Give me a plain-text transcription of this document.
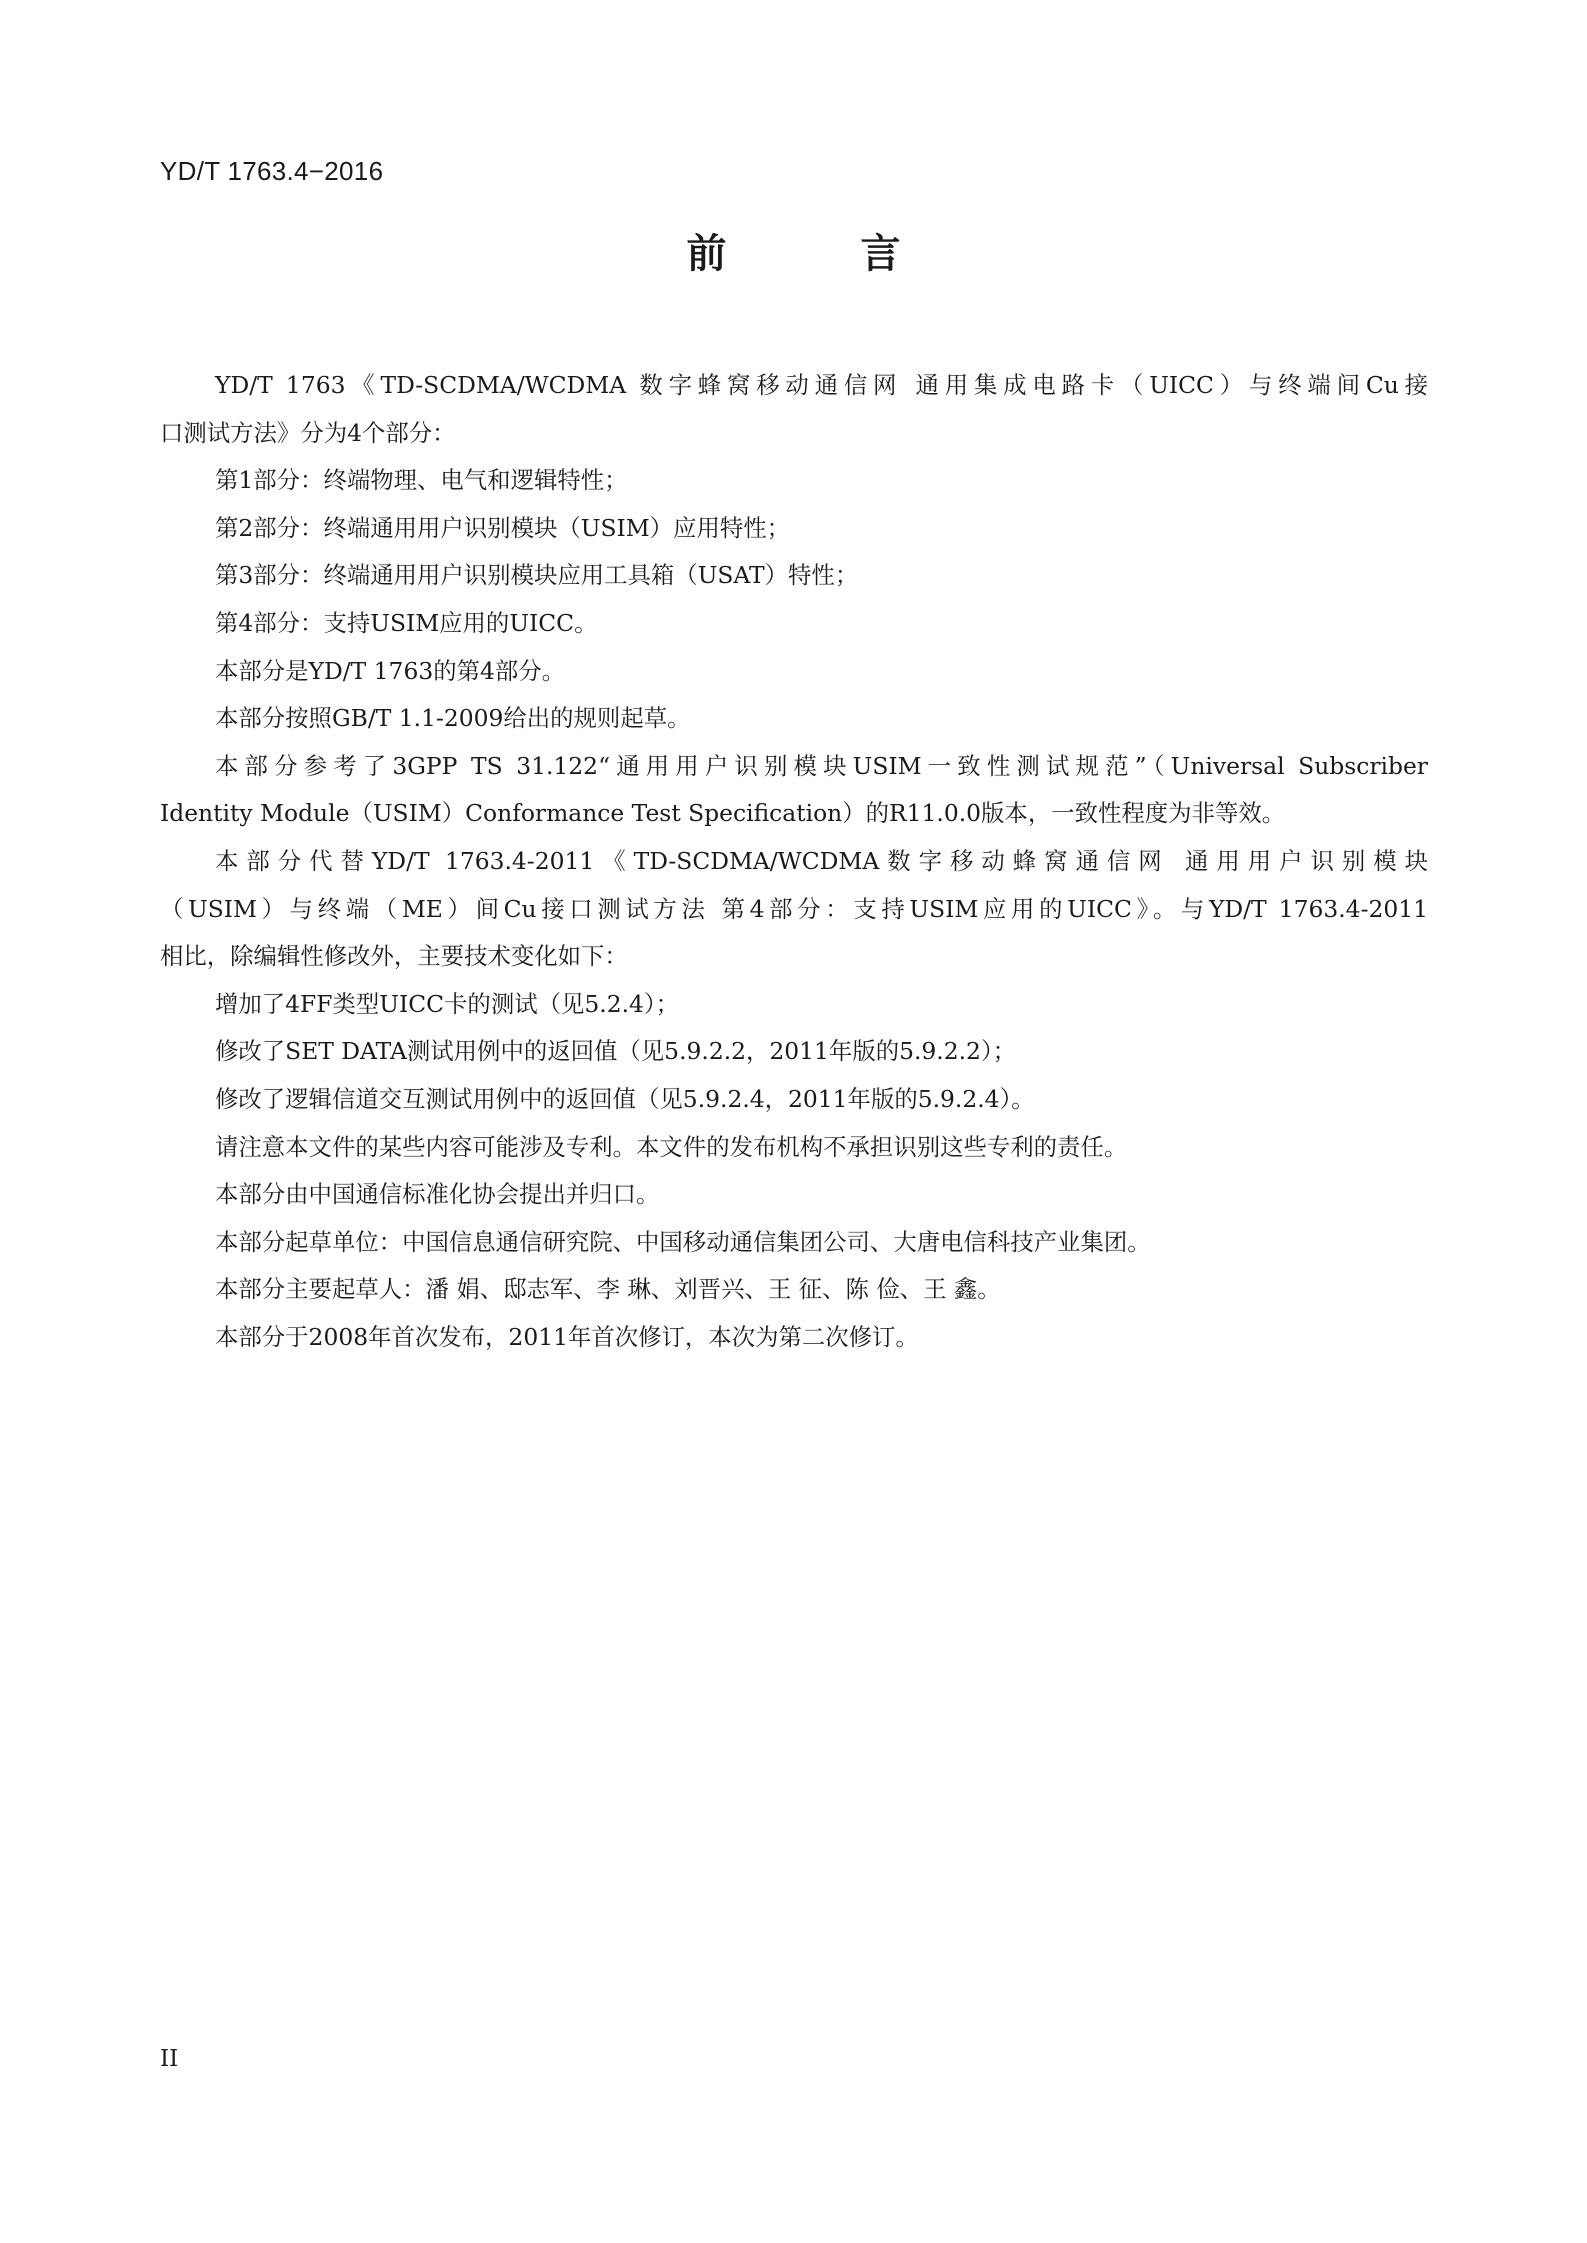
YD/T 1763.4−2016
前 言

YD/T 1763《TD-SCDMA/WCDMA 数字蜂窝移动通信网 通用集成电路卡（UICC）与终端间Cu接
口测试方法》分为4个部分：

第1部分：终端物理、电气和逻辑特性；

第2部分：终端通用用户识别模块（USIM）应用特性；

第3部分：终端通用用户识别模块应用工具箱（USAT）特性；

第4部分：支持USIM应用的UICC。

本部分是YD/T 1763的第4部分。

本部分按照GB/T 1.1-2009给出的规则起草。

本部分参考了3GPP TS 31.122“通用用户识别模块USIM一致性测试规范”（Universal Subscriber
Identity Module（USIM）Conformance Test Specification）的R11.0.0版本，一致性程度为非等效。

本部分代替YD/T 1763.4-2011《TD-SCDMA/WCDMA数字移动蜂窝通信网 通用用户识别模块
（USIM）与终端（ME）间Cu接口测试方法 第4部分：支持USIM应用的UICC》。与YD/T 1763.4-2011
相比，除编辑性修改外，主要技术变化如下：

增加了4FF类型UICC卡的测试（见5.2.4）；

修改了SET DATA测试用例中的返回值（见5.9.2.2，2011年版的5.9.2.2）；

修改了逻辑信道交互测试用例中的返回值（见5.9.2.4，2011年版的5.9.2.4）。

请注意本文件的某些内容可能涉及专利。本文件的发布机构不承担识别这些专利的责任。

本部分由中国通信标准化协会提出并归口。

本部分起草单位：中国信息通信研究院、中国移动通信集团公司、大唐电信科技产业集团。

本部分主要起草人：潘 娟、邸志军、李 琳、刘晋兴、王 征、陈 俭、王 鑫。

本部分于2008年首次发布，2011年首次修订，本次为第二次修订。

II
